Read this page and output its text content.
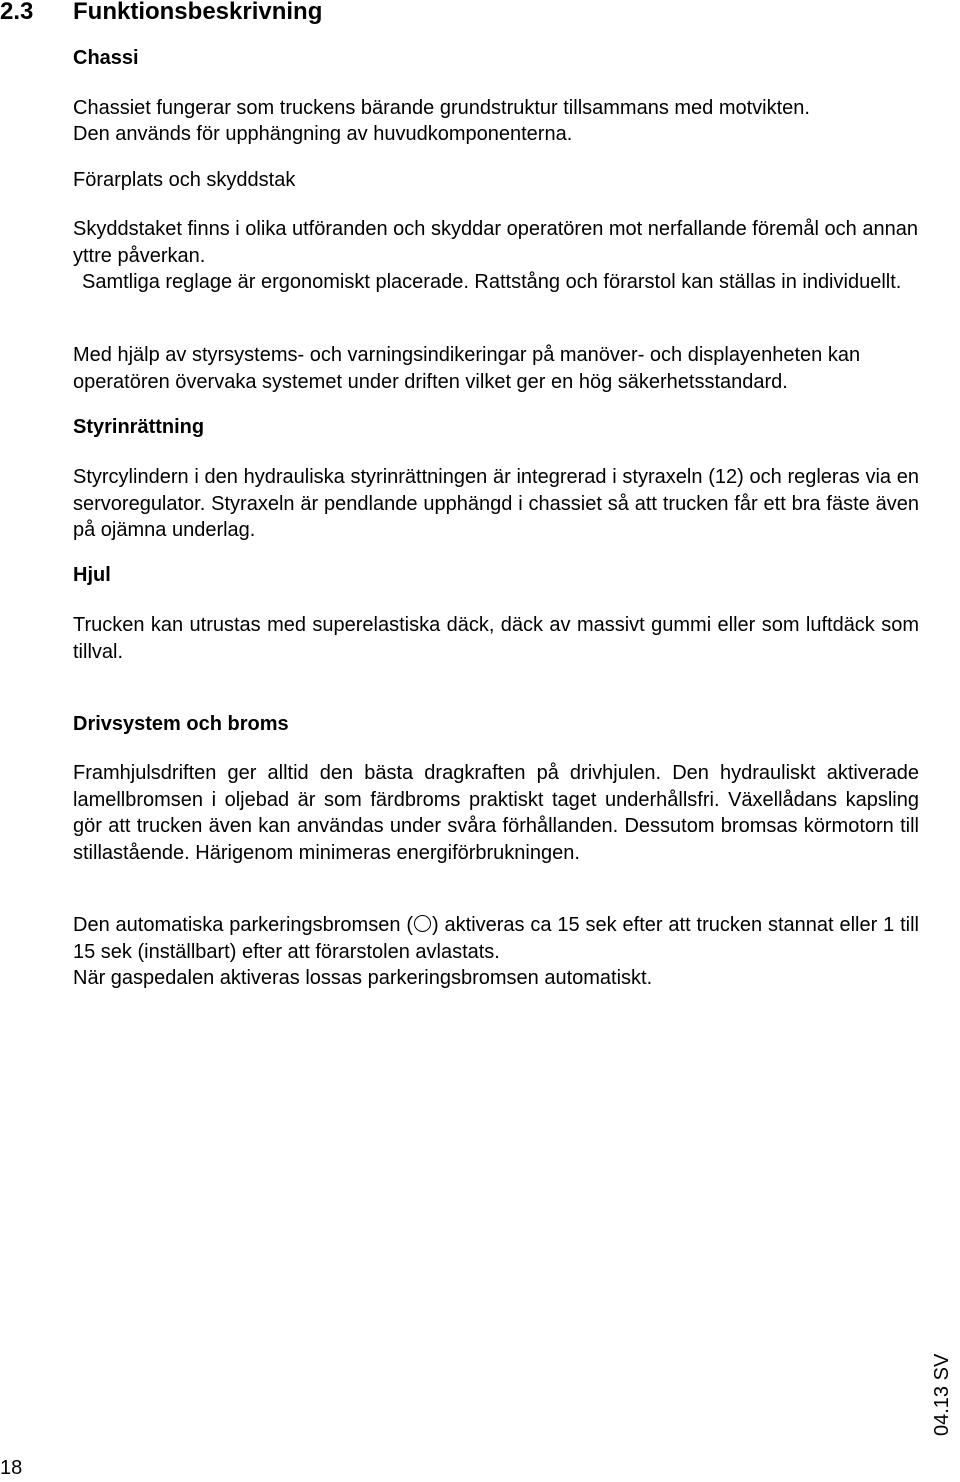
2.3 Funktionsbeskrivning
Chassi
Chassiet fungerar som truckens bärande grundstruktur tillsammans med motvikten.
Den används för upphängning av huvudkomponenterna.
Förarplats och skyddstak
Skyddstaket finns i olika utföranden och skyddar operatören mot nerfallande föremål och annan yttre påverkan.
Samtliga reglage är ergonomiskt placerade. Rattstång och förarstol kan ställas in individuellt.
Med hjälp av styrsystems- och varningsindikeringar på manöver- och displayenheten kan operatören övervaka systemet under driften vilket ger en hög säkerhetsstandard.
Styrinrättning
Styrcylindern i den hydrauliska styrinrättningen är integrerad i styraxeln (12) och regleras via en servoregulator. Styraxeln är pendlande upphängd i chassiet så att trucken får ett bra fäste även på ojämna underlag.
Hjul
Trucken kan utrustas med superelastiska däck, däck av massivt gummi eller som luftdäck som tillval.
Drivsystem och broms
Framhjulsdriften ger alltid den bästa dragkraften på drivhjulen. Den hydrauliskt aktiverade lamellbromsen i oljebad är som färdbroms praktiskt taget underhållsfri. Växellådans kapsling gör att trucken även kan användas under svåra förhållanden. Dessutom bromsas körmotorn till stillastående. Härigenom minimeras energiförbrukningen.
Den automatiska parkeringsbromsen ( ) aktiveras ca 15 sek efter att trucken stannat eller 1 till 15 sek (inställbart) efter att förarstolen avlastats.
När gaspedalen aktiveras lossas parkeringsbromsen automatiskt.
18
04.13 SV
